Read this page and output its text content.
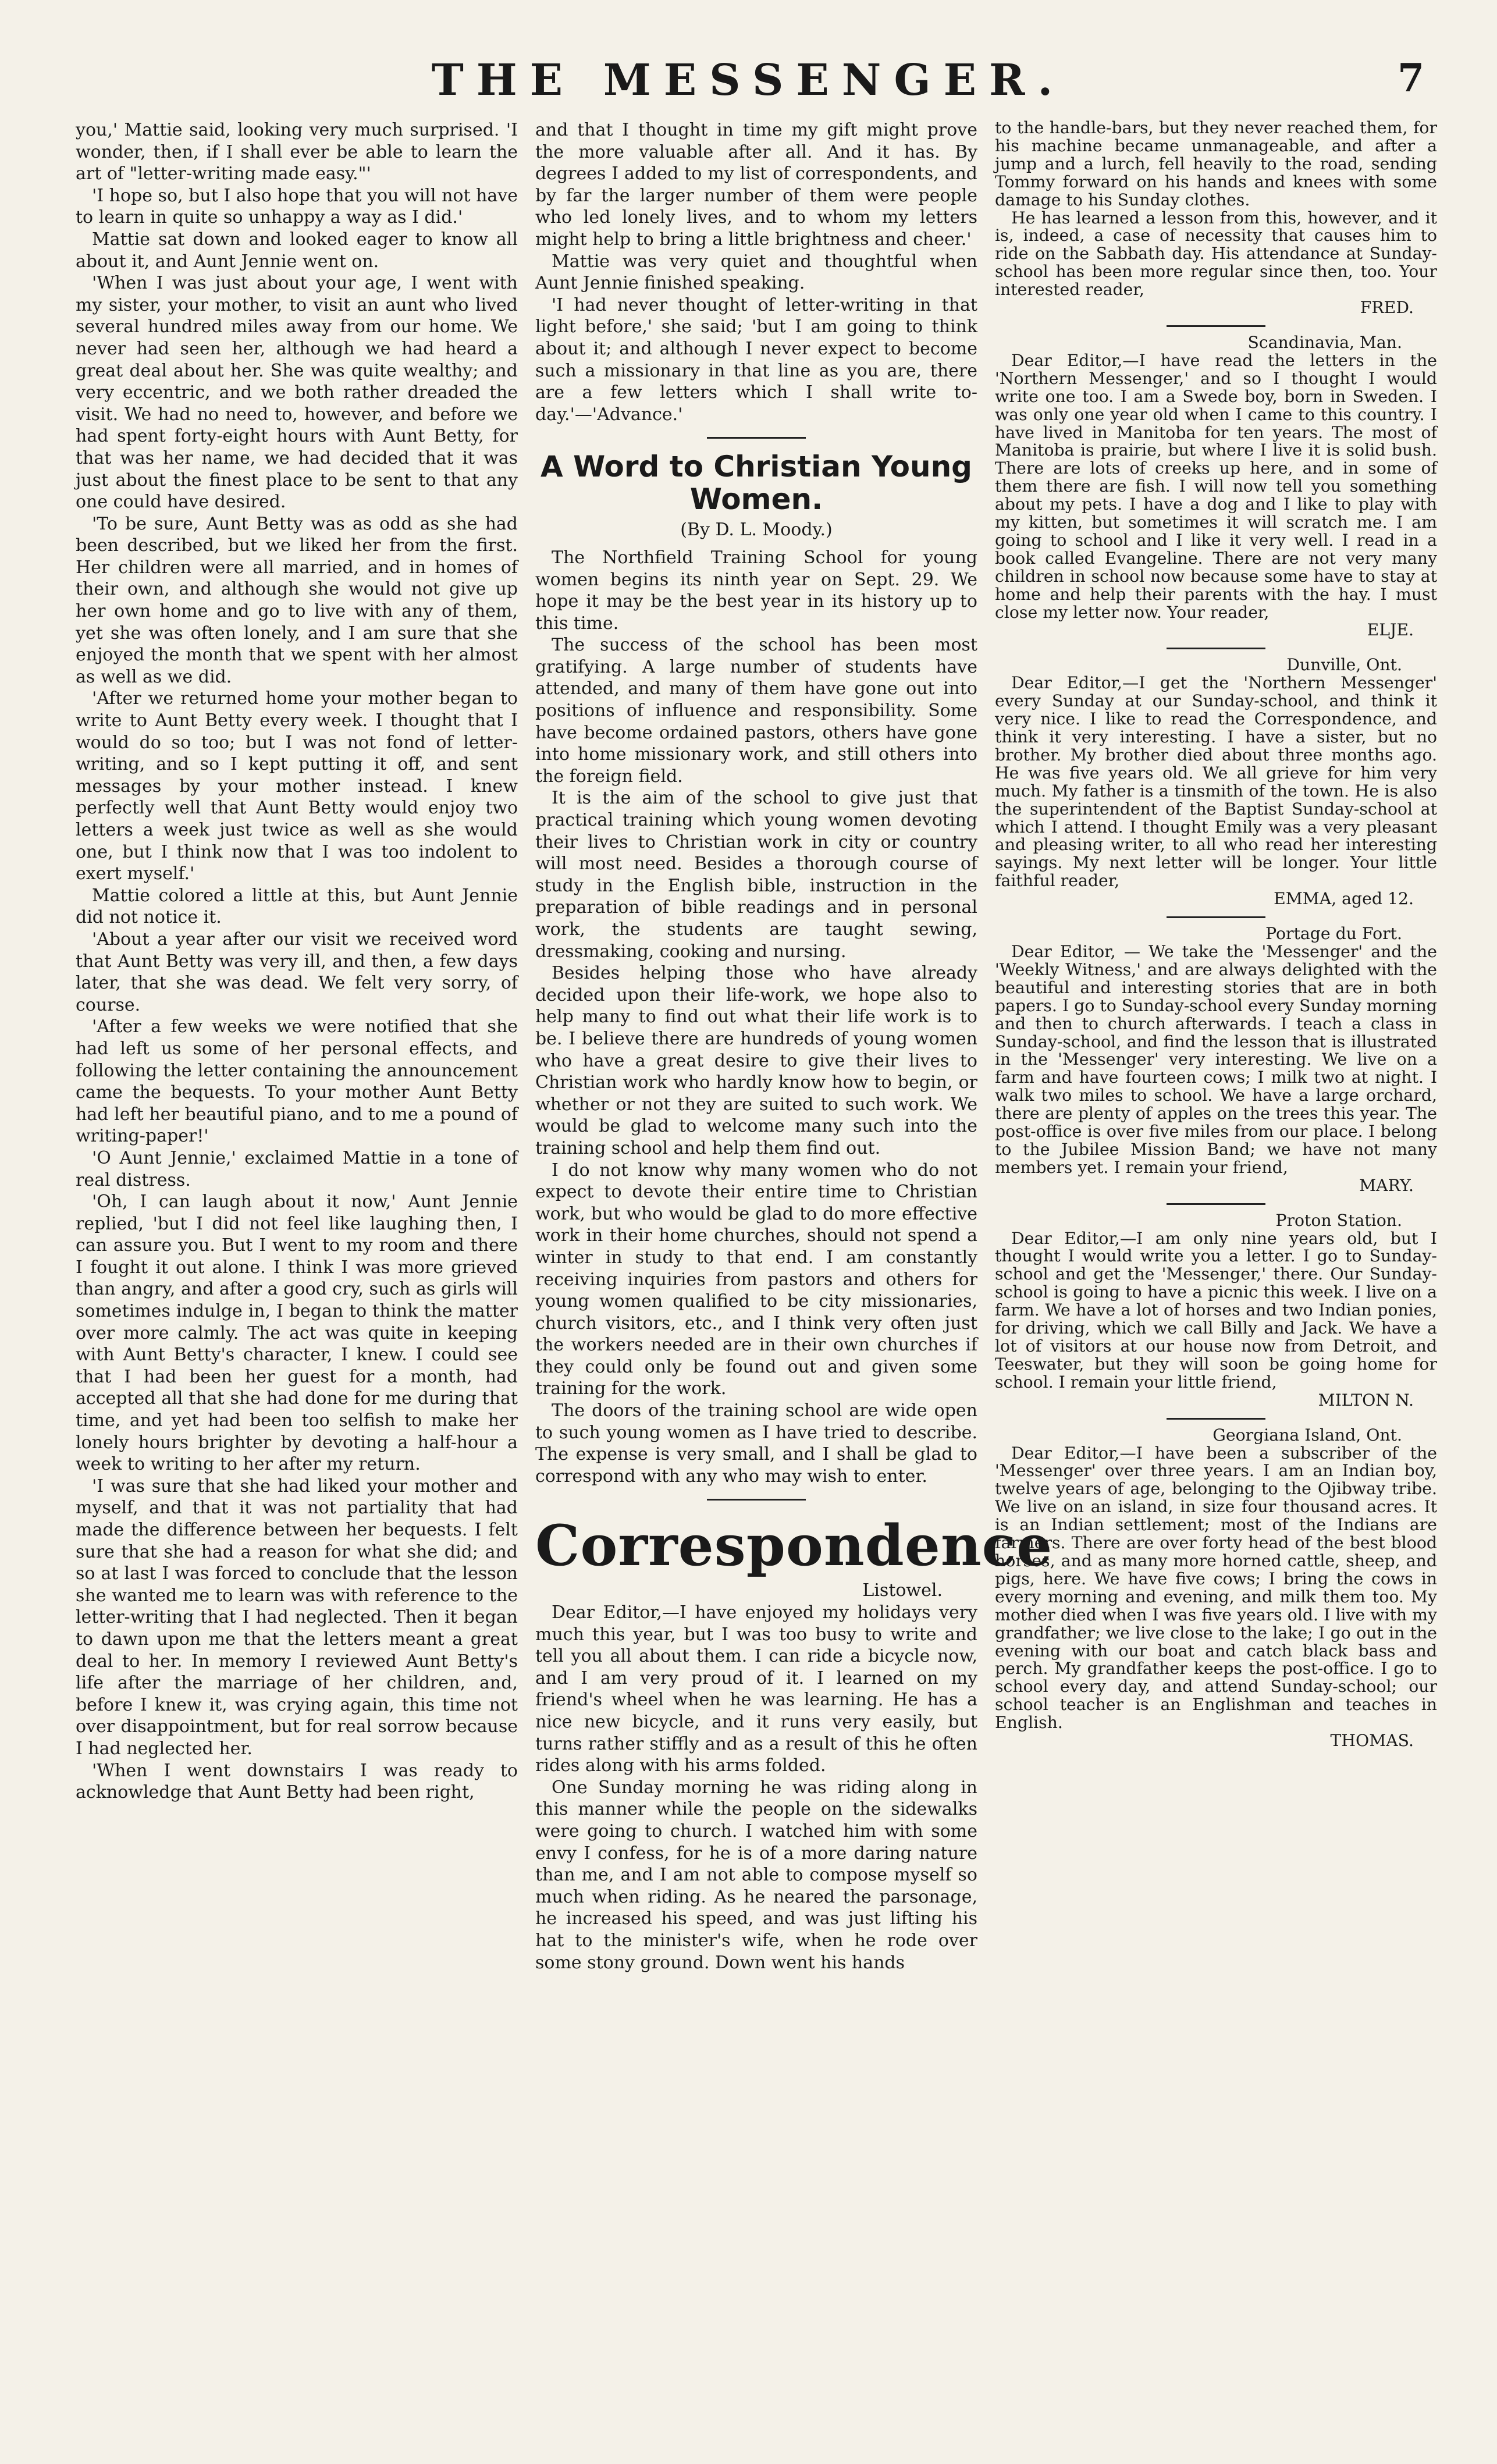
THE MESSENGER.	7

you,' Mattie said, looking very much surprised. 'I wonder, then, if I shall ever be able to learn the art of "letter-writing made easy."'

'I hope so, but I also hope that you will not have to learn in quite so unhappy a way as I did.'

Mattie sat down and looked eager to know all about it, and Aunt Jennie went on.

'When I was just about your age, I went with my sister, your mother, to visit an aunt who lived several hundred miles away from our home. We never had seen her, although we had heard a great deal about her. She was quite wealthy; and very eccentric, and we both rather dreaded the visit. We had no need to, however, and before we had spent forty-eight hours with Aunt Betty, for that was her name, we had decided that it was just about the finest place to be sent to that any one could have desired.

'To be sure, Aunt Betty was as odd as she had been described, but we liked her from the first. Her children were all married, and in homes of their own, and although she would not give up her own home and go to live with any of them, yet she was often lonely, and I am sure that she enjoyed the month that we spent with her almost as well as we did.

'After we returned home your mother began to write to Aunt Betty every week. I thought that I would do so too; but I was not fond of letter-writing, and so I kept putting it off, and sent messages by your mother instead. I knew perfectly well that Aunt Betty would enjoy two letters a week just twice as well as she would one, but I think now that I was too indolent to exert myself.'

Mattie colored a little at this, but Aunt Jennie did not notice it.

'About a year after our visit we received word that Aunt Betty was very ill, and then, a few days later, that she was dead. We felt very sorry, of course.

'After a few weeks we were notified that she had left us some of her personal effects, and following the letter containing the announcement came the bequests. To your mother Aunt Betty had left her beautiful piano, and to me a pound of writing-paper!'

'O Aunt Jennie,' exclaimed Mattie in a tone of real distress.

'Oh, I can laugh about it now,' Aunt Jennie replied, 'but I did not feel like laughing then, I can assure you. But I went to my room and there I fought it out alone. I think I was more grieved than angry, and after a good cry, such as girls will sometimes indulge in, I began to think the matter over more calmly. The act was quite in keeping with Aunt Betty's character, I knew. I could see that I had been her guest for a month, had accepted all that she had done for me during that time, and yet had been too selfish to make her lonely hours brighter by devoting a half-hour a week to writing to her after my return.

'I was sure that she had liked your mother and myself, and that it was not partiality that had made the difference between her bequests. I felt sure that she had a reason for what she did; and so at last I was forced to conclude that the lesson she wanted me to learn was with reference to the letter-writing that I had neglected. Then it began to dawn upon me that the letters meant a great deal to her. In memory I reviewed Aunt Betty's life after the marriage of her children, and, before I knew it, was crying again, this time not over disappointment, but for real sorrow because I had neglected her.

'When I went downstairs I was ready to acknowledge that Aunt Betty had been right,

and that I thought in time my gift might prove the more valuable after all. And it has. By degrees I added to my list of correspondents, and by far the larger number of them were people who led lonely lives, and to whom my letters might help to bring a little brightness and cheer.'

Mattie was very quiet and thoughtful when Aunt Jennie finished speaking.

'I had never thought of letter-writing in that light before,' she said; 'but I am going to think about it; and although I never expect to become such a missionary in that line as you are, there are a few letters which I shall write to-day.'—'Advance.'

A Word to Christian Young Women.
(By D. L. Moody.)

The Northfield Training School for young women begins its ninth year on Sept. 29. We hope it may be the best year in its history up to this time.

The success of the school has been most gratifying. A large number of students have attended, and many of them have gone out into positions of influence and responsibility. Some have become ordained pastors, others have gone into home missionary work, and still others into the foreign field.

It is the aim of the school to give just that practical training which young women devoting their lives to Christian work in city or country will most need. Besides a thorough course of study in the English bible, instruction in the preparation of bible readings and in personal work, the students are taught sewing, dressmaking, cooking and nursing.

Besides helping those who have already decided upon their life-work, we hope also to help many to find out what their life work is to be. I believe there are hundreds of young women who have a great desire to give their lives to Christian work who hardly know how to begin, or whether or not they are suited to such work. We would be glad to welcome many such into the training school and help them find out.

I do not know why many women who do not expect to devote their entire time to Christian work, but who would be glad to do more effective work in their home churches, should not spend a winter in study to that end. I am constantly receiving inquiries from pastors and others for young women qualified to be city missionaries, church visitors, etc., and I think very often just the workers needed are in their own churches if they could only be found out and given some training for the work.

The doors of the training school are wide open to such young women as I have tried to describe. The expense is very small, and I shall be glad to correspond with any who may wish to enter.

Correspondence
Listowel.

Dear Editor,—I have enjoyed my holidays very much this year, but I was too busy to write and tell you all about them. I can ride a bicycle now, and I am very proud of it. I learned on my friend's wheel when he was learning. He has a nice new bicycle, and it runs very easily, but turns rather stiffly and as a result of this he often rides along with his arms folded.

One Sunday morning he was riding along in this manner while the people on the sidewalks were going to church. I watched him with some envy I confess, for he is of a more daring nature than me, and I am not able to compose myself so much when riding. As he neared the parsonage, he increased his speed, and was just lifting his hat to the minister's wife, when he rode over some stony ground. Down went his hands

to the handle-bars, but they never reached them, for his machine became unmanageable, and after a jump and a lurch, fell heavily to the road, sending Tommy forward on his hands and knees with some damage to his Sunday clothes.

He has learned a lesson from this, however, and it is, indeed, a case of necessity that causes him to ride on the Sabbath day. His attendance at Sunday-school has been more regular since then, too. Your interested reader,

FRED.
Scandinavia, Man.

Dear Editor,—I have read the letters in the 'Northern Messenger,' and so I thought I would write one too. I am a Swede boy, born in Sweden. I was only one year old when I came to this country. I have lived in Manitoba for ten years. The most of Manitoba is prairie, but where I live it is solid bush. There are lots of creeks up here, and in some of them there are fish. I will now tell you something about my pets. I have a dog and I like to play with my kitten, but sometimes it will scratch me. I am going to school and I like it very well. I read in a book called Evangeline. There are not very many children in school now because some have to stay at home and help their parents with the hay. I must close my letter now. Your reader,

ELJE.
Dunville, Ont.

Dear Editor,—I get the 'Northern Messenger' every Sunday at our Sunday-school, and think it very nice. I like to read the Correspondence, and think it very interesting. I have a sister, but no brother. My brother died about three months ago. He was five years old. We all grieve for him very much. My father is a tinsmith of the town. He is also the superintendent of the Baptist Sunday-school at which I attend. I thought Emily was a very pleasant and pleasing writer, to all who read her interesting sayings. My next letter will be longer. Your little faithful reader,

EMMA, aged 12.
Portage du Fort.

Dear Editor, — We take the 'Messenger' and the 'Weekly Witness,' and are always delighted with the beautiful and interesting stories that are in both papers. I go to Sunday-school every Sunday morning and then to church afterwards. I teach a class in Sunday-school, and find the lesson that is illustrated in the 'Messenger' very interesting. We live on a farm and have fourteen cows; I milk two at night. I walk two miles to school. We have a large orchard, there are plenty of apples on the trees this year. The post-office is over five miles from our place. I belong to the Jubilee Mission Band; we have not many members yet. I remain your friend,

MARY.
Proton Station.

Dear Editor,—I am only nine years old, but I thought I would write you a letter. I go to Sunday-school and get the 'Messenger,' there. Our Sunday-school is going to have a picnic this week. I live on a farm. We have a lot of horses and two Indian ponies, for driving, which we call Billy and Jack. We have a lot of visitors at our house now from Detroit, and Teeswater, but they will soon be going home for school. I remain your little friend,

MILTON N.
Georgiana Island, Ont.

Dear Editor,—I have been a subscriber of the 'Messenger' over three years. I am an Indian boy, twelve years of age, belonging to the Ojibway tribe. We live on an island, in size four thousand acres. It is an Indian settlement; most of the Indians are farmers. There are over forty head of the best blood horses, and as many more horned cattle, sheep, and pigs, here. We have five cows; I bring the cows in every morning and evening, and milk them too. My mother died when I was five years old. I live with my grandfather; we live close to the lake; I go out in the evening with our boat and catch black bass and perch. My grandfather keeps the post-office. I go to school every day, and attend Sunday-school; our school teacher is an Englishman and teaches in English.

THOMAS.
